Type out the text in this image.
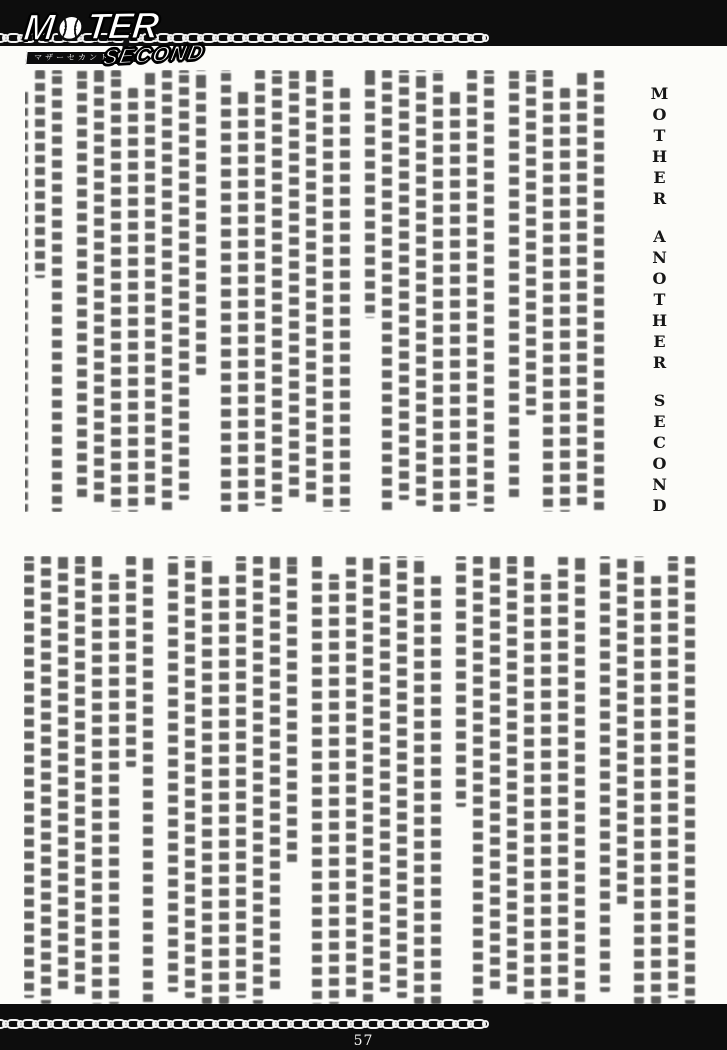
M TER
マザーセカンド
SECOND
MOTHER
ANOTHER
SECOND
57
